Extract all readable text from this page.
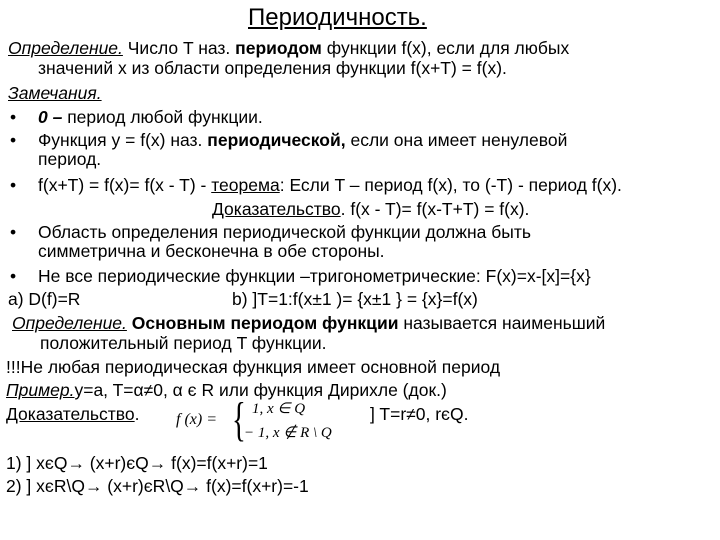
Периодичность.
Определение. Число T наз. периодом функции f(x), если для любых
значений x из области определения функции f(x+T) = f(x).
Замечания.
• 0 – период любой функции.
• Функция y = f(x) наз. периодической, если она имеет ненулевой
период.
• f(x+T) = f(x)= f(x - T) - теорема: Если T – период f(x), то (-T) - период f(x).
Доказательство. f(x - T)= f(x-T+T) = f(x).
• Область определения периодической функции должна быть
симметрична и бесконечна в обе стороны.
• Не все периодические функции –тригонометрические: F(x)=x-[x]={x}
a) D(f)=R	b) ]T=1:f(x±1 )= {x±1 } = {x}=f(x)
Определение. Основным периодом функции называется наименьший
положительный период T функции.
!!!Не любая периодическая функция имеет основной период
Пример.y=a, T=α≠0, α є R или функция Дирихле (док.)
Доказательство.	] T=r≠0, rєQ.
f (x) = { 1, x ∈ Q
− 1, x ∉ R \ Q
1) ] xєQ→ (x+r)єQ→ f(x)=f(x+r)=1
2) ] xєR\Q→ (x+r)єR\Q→ f(x)=f(x+r)=-1
